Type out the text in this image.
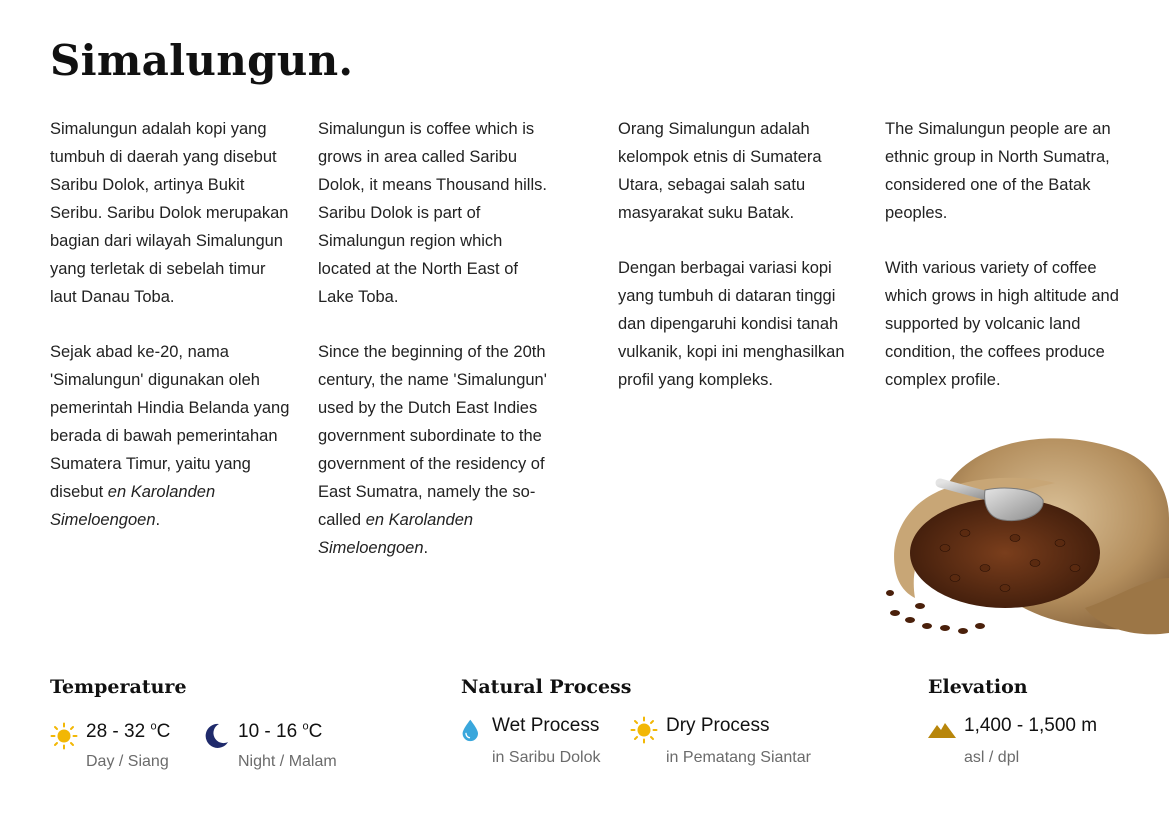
Simalungun.

Simalungun adalah kopi yang tumbuh di daerah yang disebut Saribu Dolok, artinya Bukit Seribu. Saribu Dolok merupakan bagian dari wilayah Simalungun yang terletak di sebelah timur laut Danau Toba.

Sejak abad ke-20, nama 'Simalungun' digunakan oleh pemerintah Hindia Belanda yang berada di bawah pemerintahan Sumatera Timur, yaitu yang disebut en Karolanden Simeloengoen.

Simalungun is coffee which is grows in area called Saribu Dolok, it means Thousand hills. Saribu Dolok is part of Simalungun region which located at the North East of Lake Toba.

Since the beginning of the 20th century, the name 'Simalungun' used by the Dutch East Indies government subordinate to the government of the residency of East Sumatra, namely the so-called en Karolanden Simeloengoen.

Orang Simalungun adalah kelompok etnis di Sumatera Utara, sebagai salah satu masyarakat suku Batak.

Dengan berbagai variasi kopi yang tumbuh di dataran tinggi dan dipengaruhi kondisi tanah vulkanik, kopi ini menghasilkan profil yang kompleks.

The Simalungun people are an ethnic group in North Sumatra, considered one of the Batak peoples.

With various variety of coffee which grows in high altitude and supported by volcanic land condition, the coffees produce complex profile.

Temperature
28 - 32 $^o$C
Day / Siang
10 - 16 $^o$C
Night / Malam
Natural Process
Wet Process
in Saribu Dolok
Dry Process
in Pematang Siantar
Elevation
1,400 - 1,500 m
asl / dpl
